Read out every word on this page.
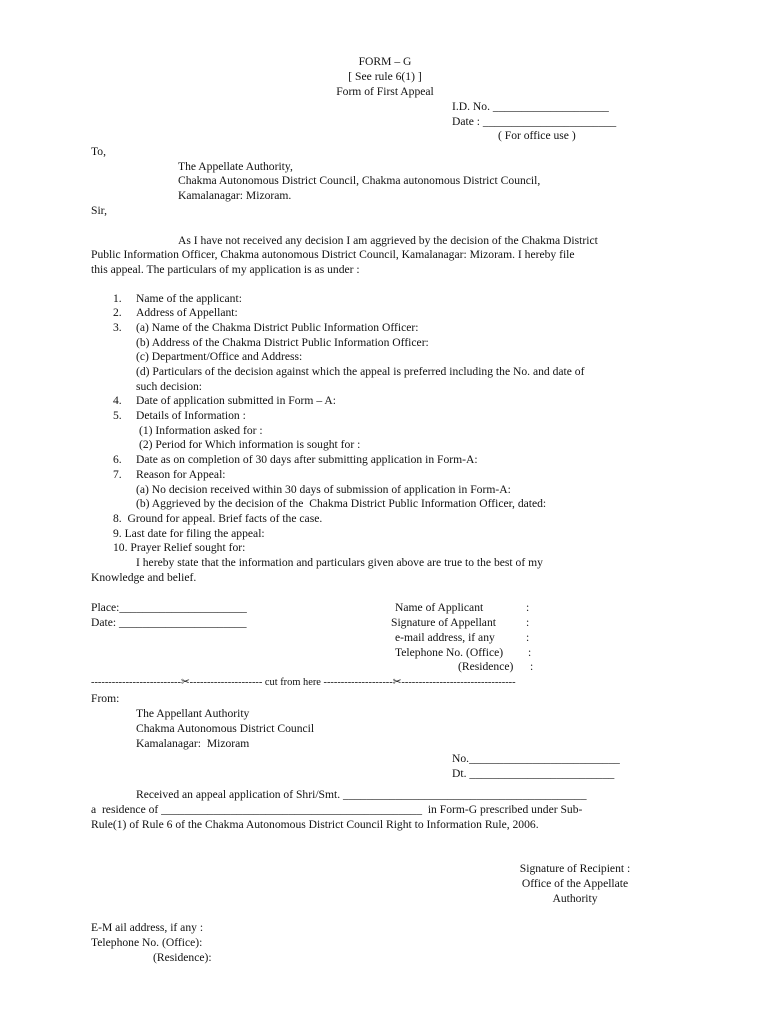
FORM – G
[ See rule 6(1) ]
Form of First Appeal
I.D. No. ____________________
Date : _______________________
( For office use )
To,
The Appellate Authority,
Chakma Autonomous District Council, Chakma autonomous District Council,
Kamalanagar: Mizoram.
Sir,
As I have not received any decision I am aggrieved by the decision of the Chakma District
Public Information Officer, Chakma autonomous District Council, Kamalanagar: Mizoram. I hereby file
this appeal. The particulars of my application is as under :
1. Name of the applicant:
2. Address of Appellant:
3. (a) Name of the Chakma District Public Information Officer:
(b) Address of the Chakma District Public Information Officer:
(c) Department/Office and Address:
(d) Particulars of the decision against which the appeal is preferred including the No. and date of
such decision:
4. Date of application submitted in Form – A:
5. Details of Information :
(1) Information asked for :
(2) Period for Which information is sought for :
6. Date as on completion of 30 days after submitting application in Form-A:
7. Reason for Appeal:
(a) No decision received within 30 days of submission of application in Form-A:
(b) Aggrieved by the decision of the  Chakma District Public Information Officer, dated:
8.  Ground for appeal. Brief facts of the case.
9. Last date for filing the appeal:
10. Prayer Relief sought for:
I hereby state that the information and particulars given above are true to the best of my
Knowledge and belief.
Place:______________________
Date: ______________________
Name of Applicant	:
Signature of Appellant	:
e-mail address, if any	:
Telephone No. (Office) :
(Residence) :
--------------------------✂--------------------- cut from here --------------------✂---------------------------------
From:
The Appellant Authority
Chakma Autonomous District Council
Kamalanagar:  Mizoram
No.__________________________
Dt. _________________________
Received an appeal application of Shri/Smt. __________________________________________
a  residence of _____________________________________________  in Form-G prescribed under Sub-
Rule(1) of Rule 6 of the Chakma Autonomous District Council Right to Information Rule, 2006.
Signature of Recipient :
Office of the Appellate
Authority
E-M ail address, if any :
Telephone No. (Office):
(Residence):
